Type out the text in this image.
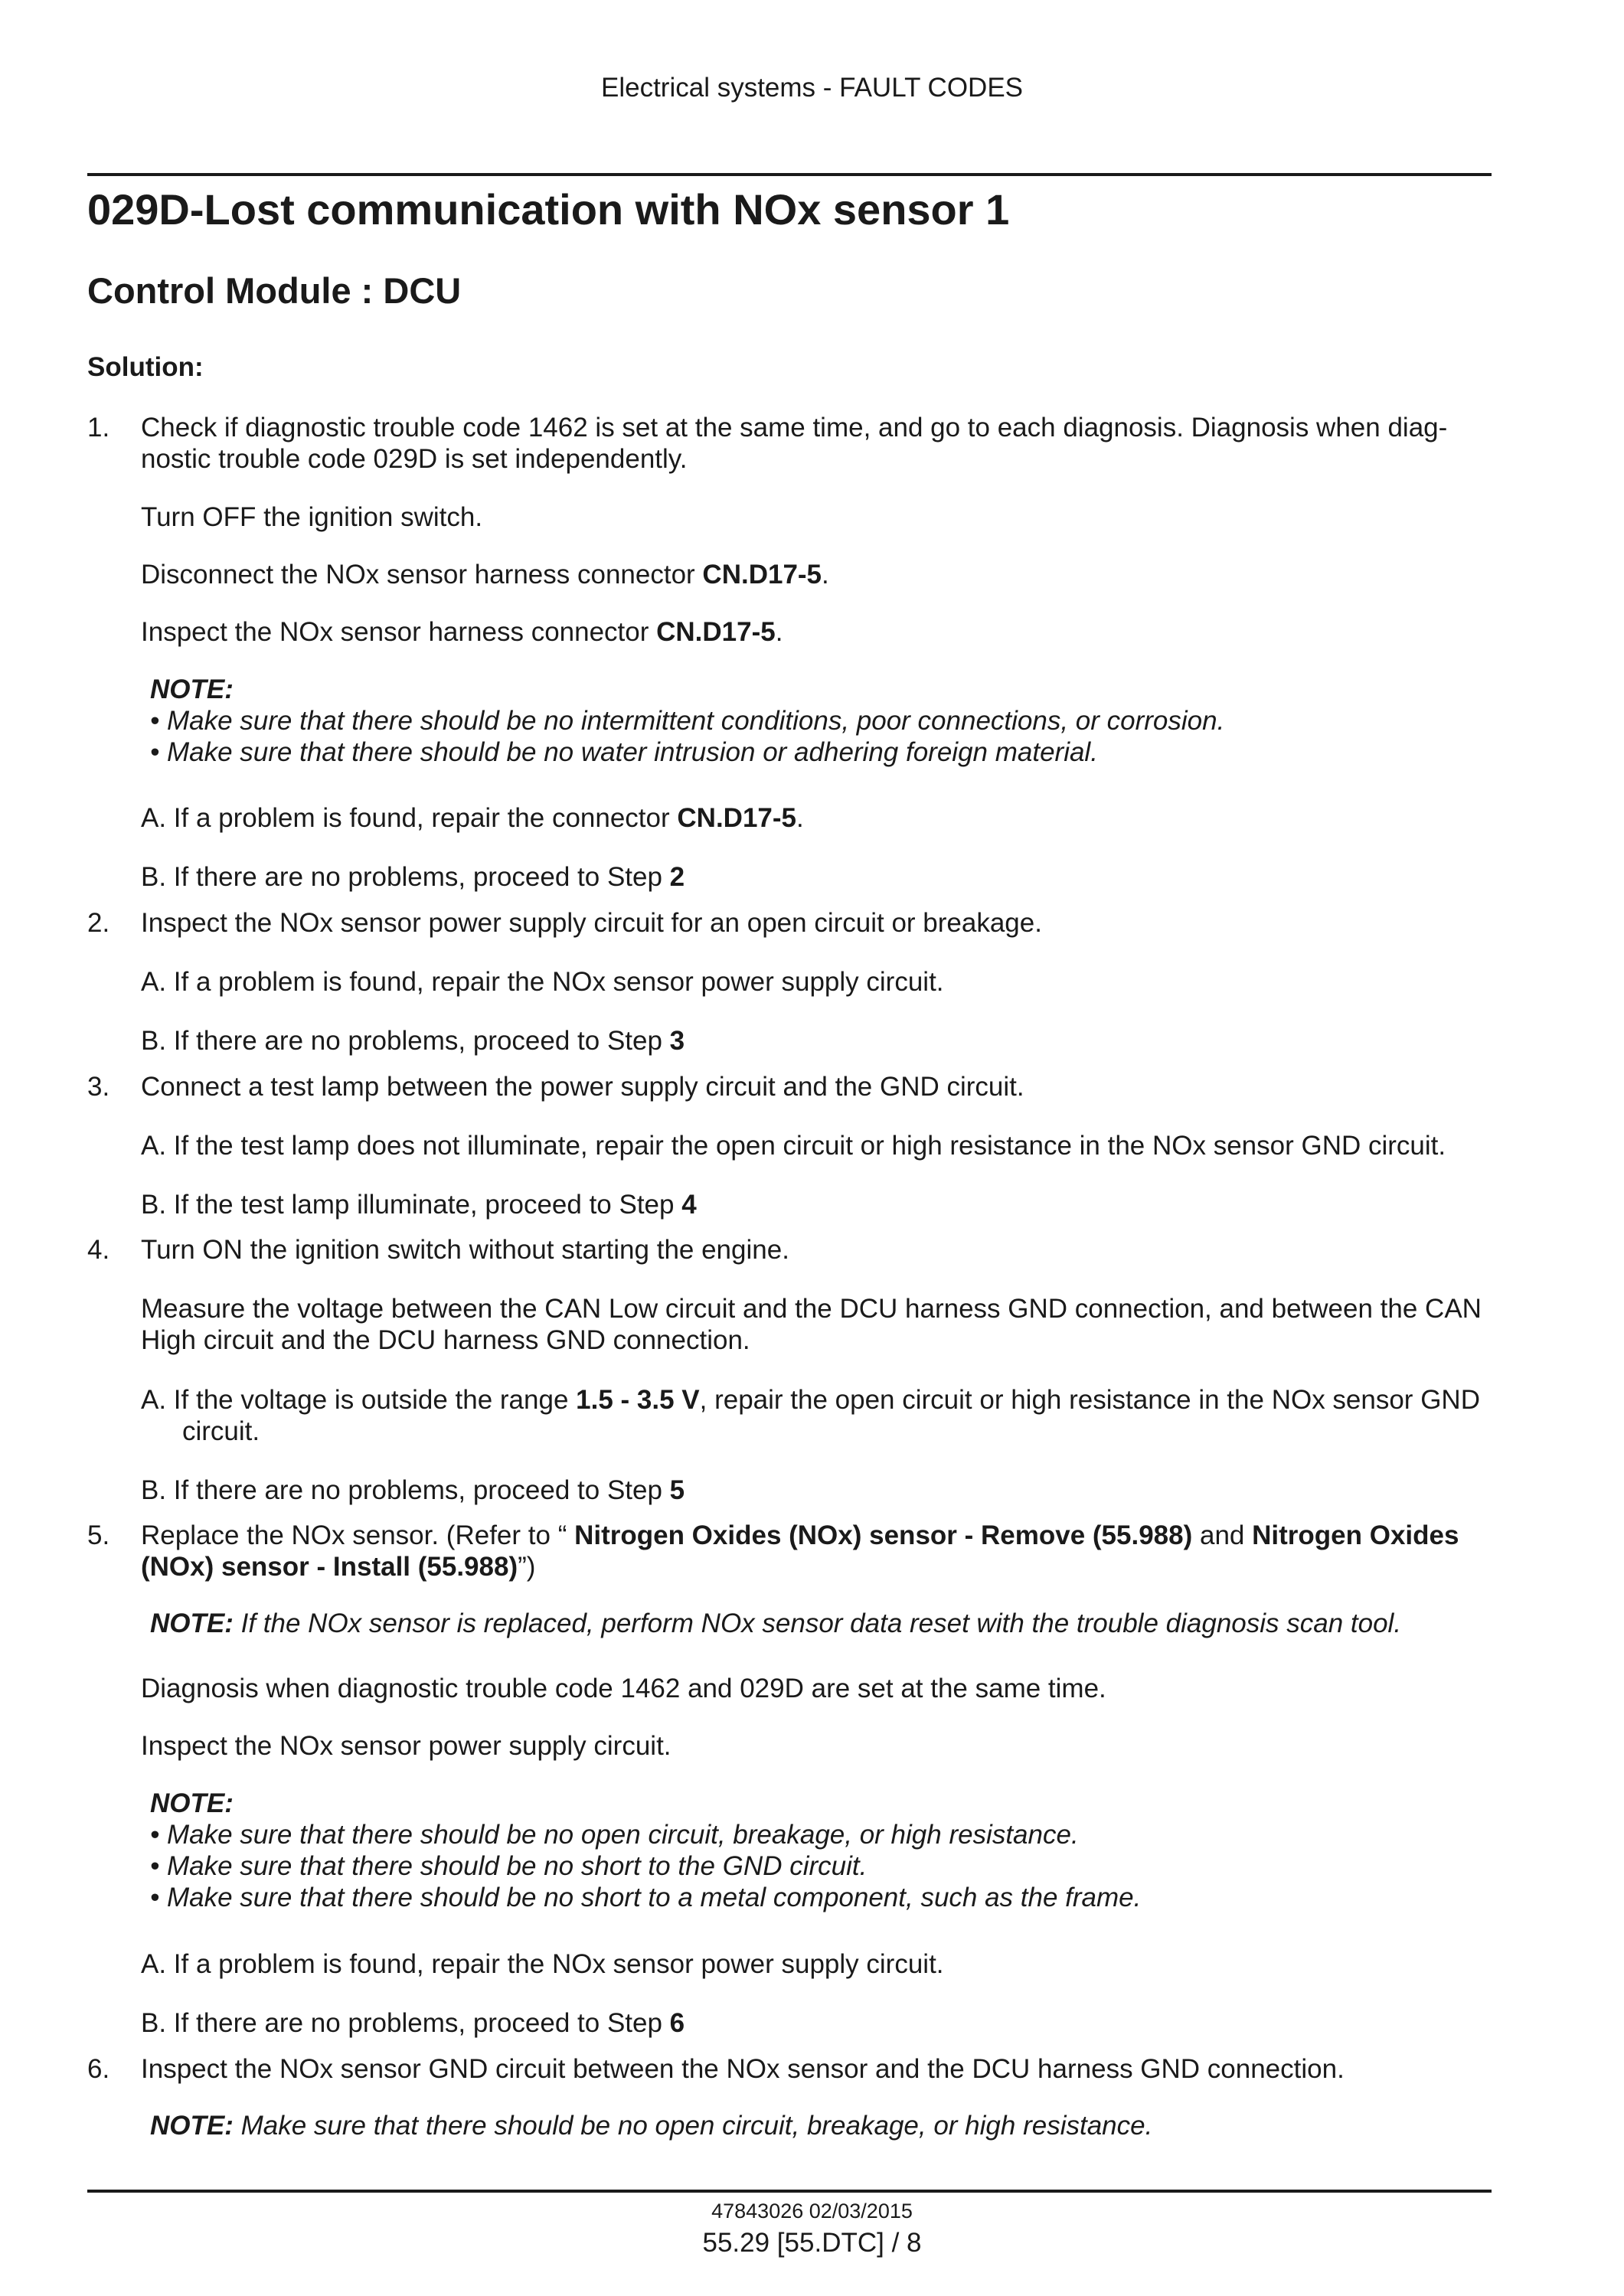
Electrical systems - FAULT CODES
029D-Lost communication with NOx sensor 1
Control Module : DCU
Solution:
1. Check if diagnostic trouble code 1462 is set at the same time, and go to each diagnosis. Diagnosis when diag-nostic trouble code 029D is set independently.
Turn OFF the ignition switch.
Disconnect the NOx sensor harness connector CN.D17-5.
Inspect the NOx sensor harness connector CN.D17-5.
NOTE:
• Make sure that there should be no intermittent conditions, poor connections, or corrosion.
• Make sure that there should be no water intrusion or adhering foreign material.
A. If a problem is found, repair the connector CN.D17-5.
B. If there are no problems, proceed to Step 2
2. Inspect the NOx sensor power supply circuit for an open circuit or breakage.
A. If a problem is found, repair the NOx sensor power supply circuit.
B. If there are no problems, proceed to Step 3
3. Connect a test lamp between the power supply circuit and the GND circuit.
A. If the test lamp does not illuminate, repair the open circuit or high resistance in the NOx sensor GND circuit.
B. If the test lamp illuminate, proceed to Step 4
4. Turn ON the ignition switch without starting the engine.
Measure the voltage between the CAN Low circuit and the DCU harness GND connection, and between the CAN High circuit and the DCU harness GND connection.
A. If the voltage is outside the range 1.5 - 3.5 V, repair the open circuit or high resistance in the NOx sensor GND circuit.
B. If there are no problems, proceed to Step 5
5. Replace the NOx sensor. (Refer to “ Nitrogen Oxides (NOx) sensor - Remove (55.988) and Nitrogen Oxides (NOx) sensor - Install (55.988)”)
NOTE: If the NOx sensor is replaced, perform NOx sensor data reset with the trouble diagnosis scan tool.
Diagnosis when diagnostic trouble code 1462 and 029D are set at the same time.
Inspect the NOx sensor power supply circuit.
NOTE:
• Make sure that there should be no open circuit, breakage, or high resistance.
• Make sure that there should be no short to the GND circuit.
• Make sure that there should be no short to a metal component, such as the frame.
A. If a problem is found, repair the NOx sensor power supply circuit.
B. If there are no problems, proceed to Step 6
6. Inspect the NOx sensor GND circuit between the NOx sensor and the DCU harness GND connection.
NOTE: Make sure that there should be no open circuit, breakage, or high resistance.
47843026 02/03/2015
55.29 [55.DTC] / 8
